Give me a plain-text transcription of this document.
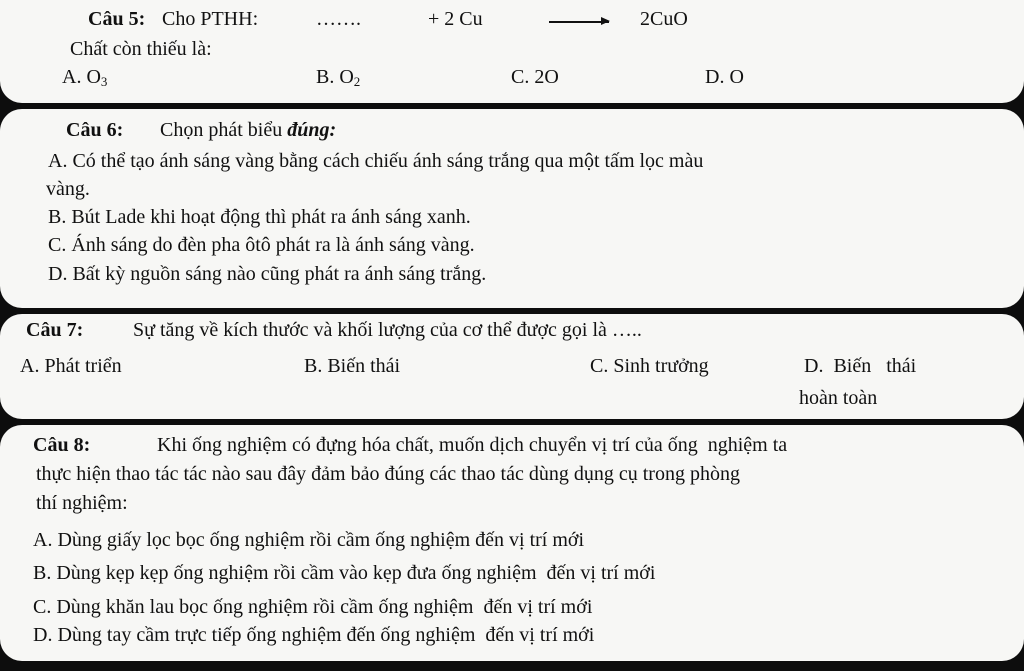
Câu 5: Cho PTHH:	…….	+ 2 Cu	2CuO
Chất còn thiếu là:
A. $O_3$	B. $O_2$	C. 2O	D. O
Câu 6: Chọn phát biểu đúng:
A. Có thể tạo ánh sáng vàng bằng cách chiếu ánh sáng trắng qua một tấm lọc màu
vàng.
B. Bút Lade khi hoạt động thì phát ra ánh sáng xanh.
C. Ánh sáng do đèn pha ôtô phát ra là ánh sáng vàng.
D. Bất kỳ nguồn sáng nào cũng phát ra ánh sáng trắng.
Câu 7: Sự tăng về kích thước và khối lượng của cơ thể được gọi là …..
A. Phát triển	B. Biến thái	C. Sinh trưởng	D.  Biến   thái
hoàn toàn
Câu 8:	Khi ống nghiệm có đựng hóa chất, muốn dịch chuyển vị trí của ống  nghiệm ta
thực hiện thao tác tác nào sau đây đảm bảo đúng các thao tác dùng dụng cụ trong phòng
thí nghiệm:
A. Dùng giấy lọc bọc ống nghiệm rồi cầm ống nghiệm đến vị trí mới
B. Dùng kẹp kẹp ống nghiệm rồi cầm vào kẹp đưa ống nghiệm  đến vị trí mới
C. Dùng khăn lau bọc ống nghiệm rồi cầm ống nghiệm  đến vị trí mới
D. Dùng tay cầm trực tiếp ống nghiệm đến ống nghiệm  đến vị trí mới
